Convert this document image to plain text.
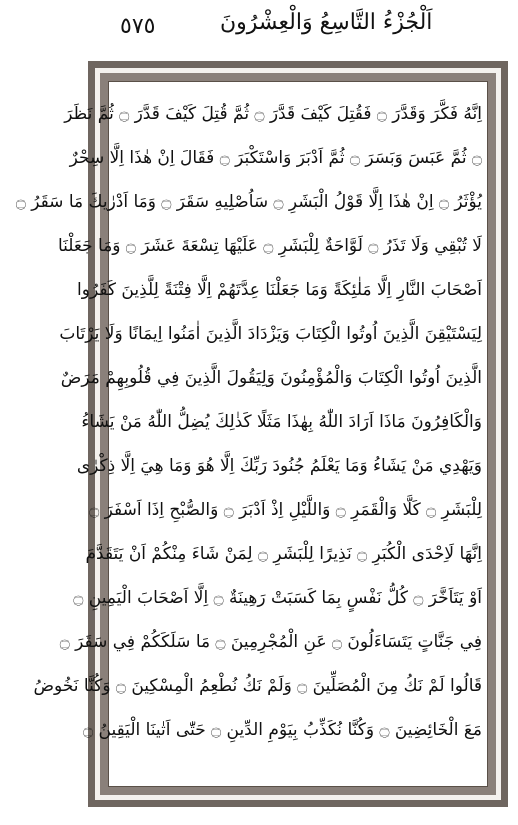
٥٧٥	اَلْجُزْءُ التَّاسِعُ وَالْعِشْرُونَ
اِنَّهُ فَكَّرَ وَقَدَّرَ ۝ فَقُتِلَ كَيْفَ قَدَّرَ ۝ ثُمَّ قُتِلَ كَيْفَ قَدَّرَ ۝ ثُمَّ نَظَرَ
۝ ثُمَّ عَبَسَ وَبَسَرَ ۝ ثُمَّ اَدْبَرَ وَاسْتَكْبَرَ ۝ فَقَالَ اِنْ هٰذَا اِلَّا سِحْرٌ
يُؤْثَرُ ۝ اِنْ هٰذَا اِلَّا قَوْلُ الْبَشَرِ ۝ سَاُصْلِيهِ سَقَرَ ۝ وَمَا اَدْرٰيكَ مَا سَقَرُ ۝
لَا تُبْقِي وَلَا تَذَرُ ۝ لَوَّاحَةٌ لِلْبَشَرِ ۝ عَلَيْهَا تِسْعَةَ عَشَرَ ۝ وَمَا جَعَلْنَا
اَصْحَابَ النَّارِ اِلَّا مَلٰئِكَةً وَمَا جَعَلْنَا عِدَّتَهُمْ اِلَّا فِتْنَةً لِلَّذِينَ كَفَرُوا
لِيَسْتَيْقِنَ الَّذِينَ اُوتُوا الْكِتَابَ وَيَزْدَادَ الَّذِينَ اٰمَنُوا اِيمَانًا وَلَا يَرْتَابَ
الَّذِينَ اُوتُوا الْكِتَابَ وَالْمُؤْمِنُونَ وَلِيَقُولَ الَّذِينَ فِي قُلُوبِهِمْ مَرَضٌ
وَالْكَافِرُونَ مَاذَا اَرَادَ اللّٰهُ بِهٰذَا مَثَلًا كَذٰلِكَ يُضِلُّ اللّٰهُ مَنْ يَشَاءُ
وَيَهْدِي مَنْ يَشَاءُ وَمَا يَعْلَمُ جُنُودَ رَبِّكَ اِلَّا هُوَ وَمَا هِيَ اِلَّا ذِكْرٰى
لِلْبَشَرِ ۝ كَلَّا وَالْقَمَرِ ۝ وَاللَّيْلِ اِذْ اَدْبَرَ ۝ وَالصُّبْحِ اِذَا اَسْفَرَ ۝
اِنَّهَا لَاِحْدَى الْكُبَرِ ۝ نَذِيرًا لِلْبَشَرِ ۝ لِمَنْ شَاءَ مِنْكُمْ اَنْ يَتَقَدَّمَ
اَوْ يَتَاَخَّرَ ۝ كُلُّ نَفْسٍ بِمَا كَسَبَتْ رَهِينَةٌ ۝ اِلَّا اَصْحَابَ الْيَمِينِ ۝
فِي جَنَّاتٍ يَتَسَاءَلُونَ ۝ عَنِ الْمُجْرِمِينَ ۝ مَا سَلَكَكُمْ فِي سَقَرَ ۝
قَالُوا لَمْ نَكُ مِنَ الْمُصَلِّينَ ۝ وَلَمْ نَكُ نُطْعِمُ الْمِسْكِينَ ۝ وَكُنَّا نَخُوضُ
مَعَ الْخَائِضِينَ ۝ وَكُنَّا نُكَذِّبُ بِيَوْمِ الدِّينِ ۝ حَتّٰى اَتٰينَا الْيَقِينُ ۝
